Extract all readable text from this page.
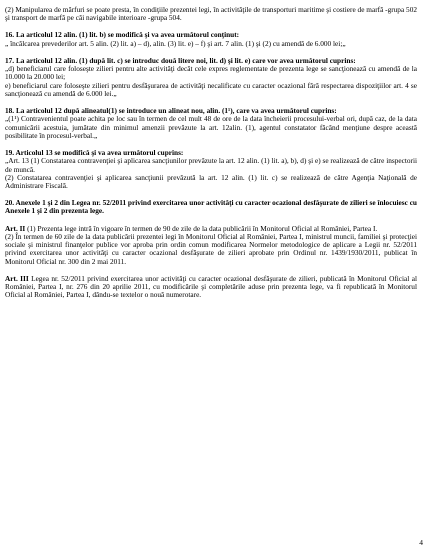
(2) Manipularea de mărfuri se poate presta, în condiţiile prezentei legi, în activităţile de transporturi maritime şi costiere de marfă -grupa 502 şi transport de marfă pe căi navigabile interioare -grupa 504.

16. La articolul 12 alin. (1) lit. b) se modifică şi va avea următorul conţinut:

„ încălcarea prevederilor art. 5 alin. (2) lit. a) – d), alin. (3) lit. e) – f) şi art. 7 alin. (1) şi (2) cu amendă de 6.000 lei;„

17. La articolul 12 alin. (1) după lit. c) se introduc două litere noi, lit. d) şi lit. e) care vor avea următorul cuprins:

„d) beneficiarul care foloseşte zilieri pentru alte activităţi decât cele expres reglementate de prezenta lege se sancţionează cu amendă de la 10.000 la 20.000 lei;

e) beneficiarul care foloseşte zilieri pentru desfăşurarea de activităţi necalificate cu caracter ocazional fără respectarea dispoziţiilor art. 4 se sancţionează cu amendă de 6.000 lei.„

18. La articolul 12 după alineatul(1) se introduce un alineat nou, alin. (1¹), care va avea următorul cuprins:

„(1¹) Contravenientul poate achita pe loc sau în termen de cel mult 48 de ore de la data încheierii procesului-verbal ori, după caz, de la data comunicării acestuia, jumătate din minimul amenzii prevăzute la art. 12alin. (1), agentul constatator făcând menţiune despre această posibilitate în procesul-verbal.„

19. Articolul 13 se modifică şi va avea următorul cuprins:

„Art. 13 (1) Constatarea contravenţiei şi aplicarea sancţiunilor prevăzute la art. 12 alin. (1) lit. a), b), d) şi e) se realizează de către inspectorii de muncă.

(2) Constatarea contravenţiei şi aplicarea sancţiunii prevăzută la art. 12 alin. (1) lit. c) se realizează de către Agenţia Naţională de Administrare Fiscală.

20. Anexele 1 şi 2 din Legea nr. 52/2011 privind exercitarea unor activităţi cu caracter ocazional desfăşurate de zilieri se înlocuiesc cu Anexele 1 şi 2 din prezenta lege.

Art. II (1) Prezenta lege intră în vigoare în termen de 90 de zile de la data publicării în Monitorul Oficial al României, Partea I.

(2) În termen de 60 zile de la data publicării prezentei legi în Monitorul Oficial al României, Partea I, ministrul muncii, familiei şi protecţiei sociale şi ministrul finanţelor publice vor aproba prin ordin comun modificarea Normelor metodologice de aplicare a Legii nr. 52/2011 privind exercitarea unor activităţi cu caracter ocazional desfăşurate de zilieri aprobate prin Ordinul nr. 1439/1930/2011, publicat în Monitorul Oficial nr. 300 din 2 mai 2011.

Art. III Legea nr. 52/2011 privind exercitarea unor activităţi cu caracter ocazional desfăşurate de zilieri, publicată în Monitorul Oficial al României, Partea I, nr. 276 din 20 aprilie 2011, cu modificările şi completările aduse prin prezenta lege, va fi republicată în Monitorul Oficial al României, Partea I, dându-se textelor o nouă numerotare.

4
